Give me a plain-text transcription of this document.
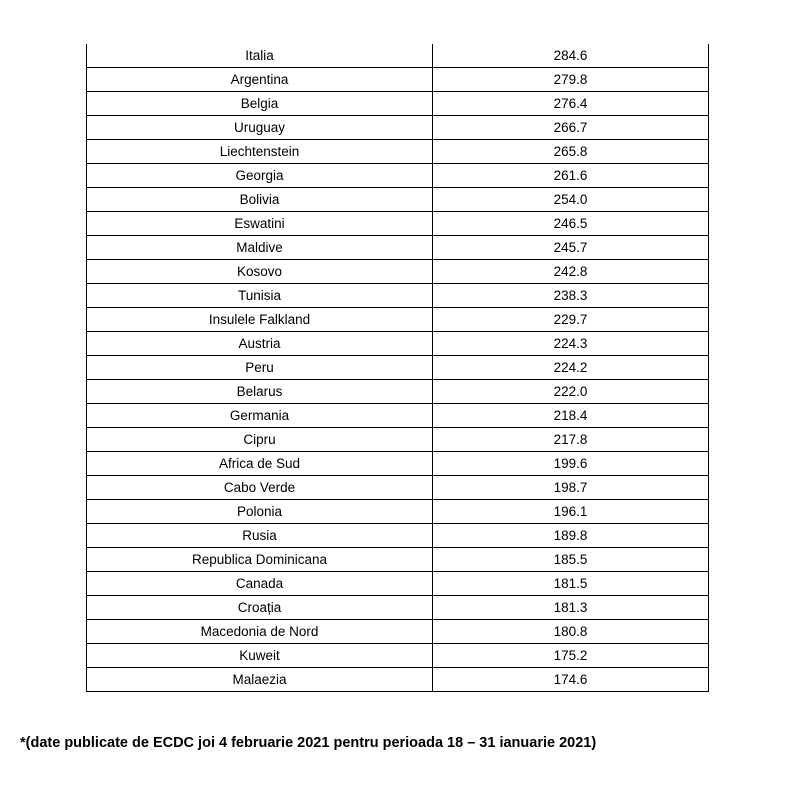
Italia	284.6
Argentina	279.8
Belgia	276.4
Uruguay	266.7
Liechtenstein	265.8
Georgia	261.6
Bolivia	254.0
Eswatini	246.5
Maldive	245.7
Kosovo	242.8
Tunisia	238.3
Insulele Falkland	229.7
Austria	224.3
Peru	224.2
Belarus	222.0
Germania	218.4
Cipru	217.8
Africa de Sud	199.6
Cabo Verde	198.7
Polonia	196.1
Rusia	189.8
Republica Dominicana	185.5
Canada	181.5
Croația	181.3
Macedonia de Nord	180.8
Kuweit	175.2
Malaezia	174.6
*(date publicate de ECDC joi 4 februarie 2021 pentru perioada 18 – 31 ianuarie 2021)
